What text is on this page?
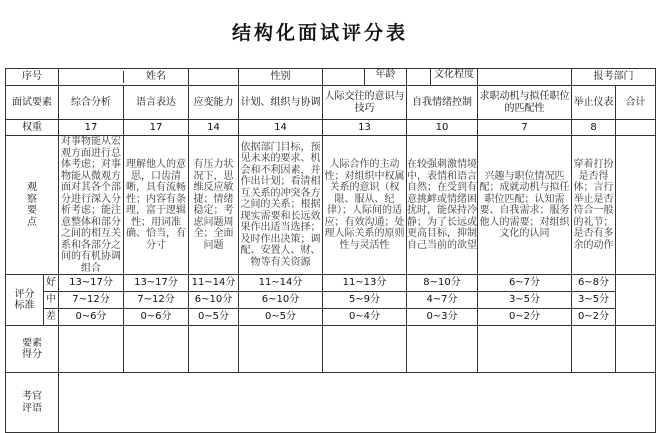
结构化面试评分表
序号		姓名			性别	年龄	文化程度		报考部门	
面试要素		综合分析	语言表达	应变能力	计划、组织与协调	人际交往的意识与技巧	自我情绪控制	求职动机与拟任职位的匹配性	举止仪表	合计
权重		17	17	14	14	13	10	7	8	

观察要点		对事物能从宏观方面进行总体考虑；对事物能从微观方面对其各个部分进行深入分析考虑；能注意整体和部分之间的相互关系和各部分之间的有机协调组合	理解他人的意思，口齿清晰，具有流畅性；内容有条理，富于逻辑性；用词准确、恰当，有分寸	有压力状况下，思维反应敏捷；情绪稳定；考虑问题周全；全面问题	依据部门目标，预见未来的要求、机会和不利因素，并作出计划；看清相互关系的冲突各方之间的关系；根据现实需要和长远效果作出适当选择；及时作出决策；调配、安置人、财、物等有关资源	人际合作的主动性；对组织中权属关系的意识（权限、服从、纪律）；人际间的适应；有效沟通；处理人际关系的原则性与灵活性	在较强刺激情境中，表情和语言自然；在受到有意挑衅或情绪困扰时，能保持冷静；为了长远或更高目标，抑制自己当前的欲望	兴趣与职位情况匹配；成就动机与拟任职位匹配；认知需要、自我需求；服务他人的需要；对组织文化的认同	穿着打扮是否得体；言行举止是否符合一般的礼节；是否有多余的动作	

评分标准	好	13~17分	13~17分	11~14分	11~14分	11~13分	8~10分	6~7分	6~8分	
	中	7~12分	7~12分	6~10分	6~10分	5~9分	4~7分	3~5分	3~5分	
	差	0~6分	0~6分	0~5分	0~5分	0~4分	0~3分	0~2分	0~2分	

要素得分										

考官评语										
